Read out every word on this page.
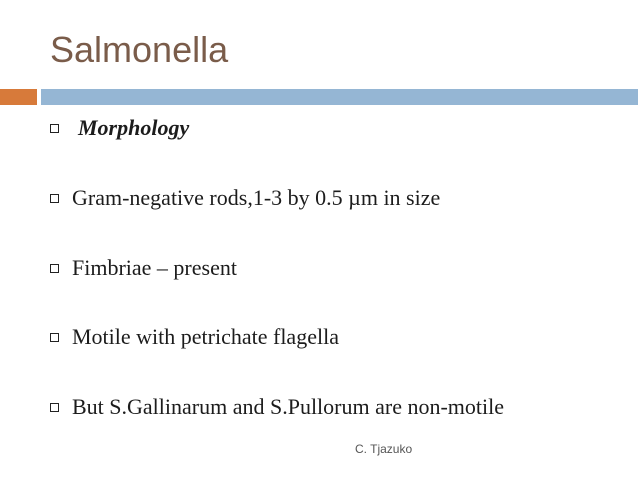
Salmonella
Morphology
Gram-negative rods,1-3 by 0.5 µm in size
Fimbriae – present
Motile with petrichate flagella
But S.Gallinarum and S.Pullorum are non-motile
C. Tjazuko
